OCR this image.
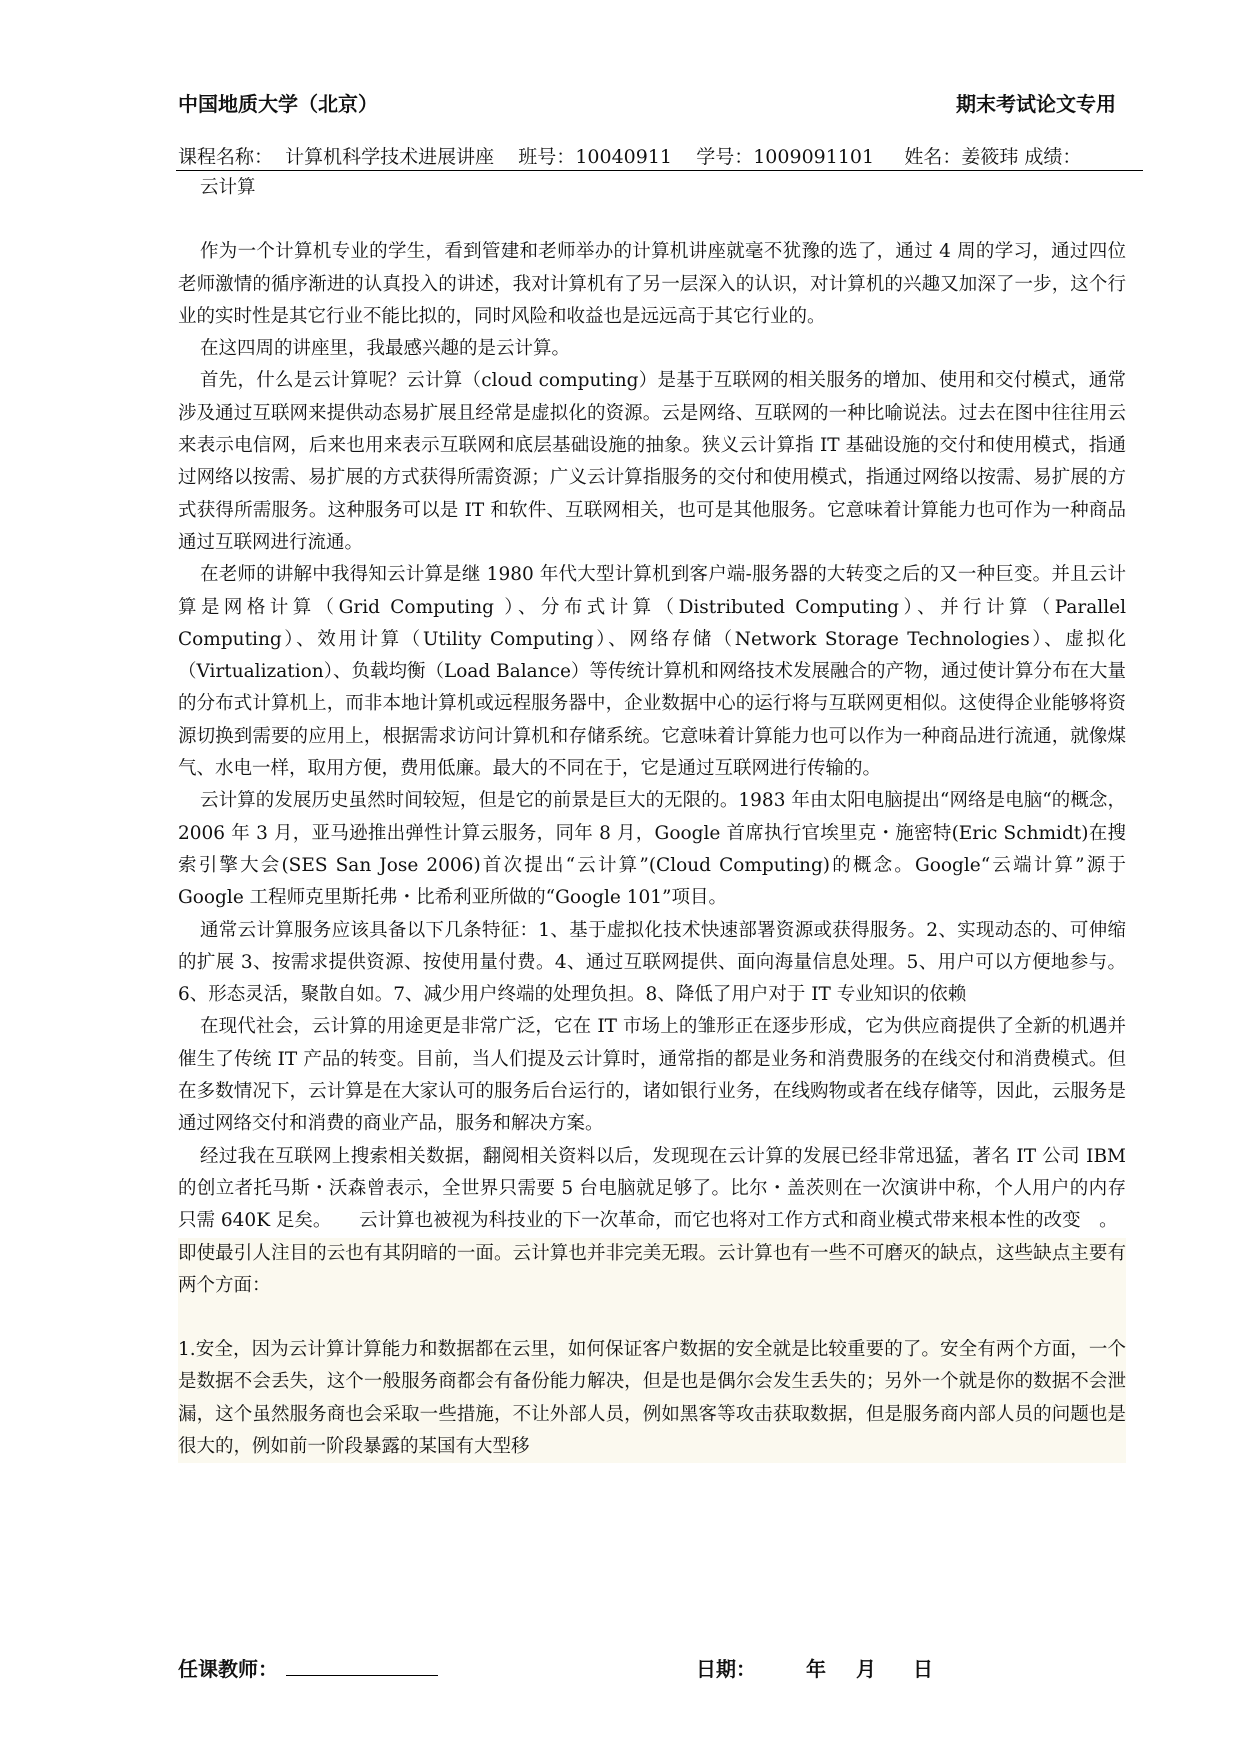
中国地质大学（北京）	期末考试论文专用
课程名称： 计算机科学技术进展讲座 班号：10040911 学号：1009091101 姓名：姜筱玮 成绩：

云计算

作为一个计算机专业的学生，看到管建和老师举办的计算机讲座就毫不犹豫的选了，通过 4 周的学习，通过四位老师激情的循序渐进的认真投入的讲述，我对计算机有了另一层深入的认识，对计算机的兴趣又加深了一步，这个行业的实时性是其它行业不能比拟的，同时风险和收益也是远远高于其它行业的。

在这四周的讲座里，我最感兴趣的是云计算。

首先，什么是云计算呢？云计算（cloud computing）是基于互联网的相关服务的增加、使用和交付模式，通常涉及通过互联网来提供动态易扩展且经常是虚拟化的资源。云是网络、互联网的一种比喻说法。过去在图中往往用云来表示电信网，后来也用来表示互联网和底层基础设施的抽象。狭义云计算指 IT 基础设施的交付和使用模式，指通过网络以按需、易扩展的方式获得所需资源；广义云计算指服务的交付和使用模式，指通过网络以按需、易扩展的方式获得所需服务。这种服务可以是 IT 和软件、互联网相关，也可是其他服务。它意味着计算能力也可作为一种商品通过互联网进行流通。

在老师的讲解中我得知云计算是继 1980 年代大型计算机到客户端-服务器的大转变之后的又一种巨变。并且云计算是网格计算（Grid Computing ）、分布式计算（Distributed Computing）、并行计算（Parallel Computing）、效用计算（Utility Computing）、网络存储（Network Storage Technologies）、虚拟化（Virtualization）、负载均衡（Load Balance）等传统计算机和网络技术发展融合的产物，通过使计算分布在大量的分布式计算机上，而非本地计算机或远程服务器中，企业数据中心的运行将与互联网更相似。这使得企业能够将资源切换到需要的应用上，根据需求访问计算机和存储系统。它意味着计算能力也可以作为一种商品进行流通，就像煤气、水电一样，取用方便，费用低廉。最大的不同在于，它是通过互联网进行传输的。

云计算的发展历史虽然时间较短，但是它的前景是巨大的无限的。1983 年由太阳电脑提出“网络是电脑“的概念，2006 年 3 月，亚马逊推出弹性计算云服务，同年 8 月，Google 首席执行官埃里克・施密特(Eric Schmidt)在搜索引擎大会(SES San Jose 2006)首次提出“云计算”(Cloud Computing)的概念。Google“云端计算”源于 Google 工程师克里斯托弗・比希利亚所做的“Google 101”项目。

通常云计算服务应该具备以下几条特征：1、基于虚拟化技术快速部署资源或获得服务。2、实现动态的、可伸缩的扩展 3、按需求提供资源、按使用量付费。4、通过互联网提供、面向海量信息处理。5、用户可以方便地参与。6、形态灵活，聚散自如。7、减少用户终端的处理负担。8、降低了用户对于 IT 专业知识的依赖

在现代社会，云计算的用途更是非常广泛，它在 IT 市场上的雏形正在逐步形成，它为供应商提供了全新的机遇并催生了传统 IT 产品的转变。目前，当人们提及云计算时，通常指的都是业务和消费服务的在线交付和消费模式。但在多数情况下，云计算是在大家认可的服务后台运行的，诸如银行业务，在线购物或者在线存储等，因此，云服务是通过网络交付和消费的商业产品，服务和解决方案。

经过我在互联网上搜索相关数据，翻阅相关资料以后，发现现在云计算的发展已经非常迅猛，著名 IT 公司 IBM 的创立者托马斯・沃森曾表示，全世界只需要 5 台电脑就足够了。比尔・盖茨则在一次演讲中称，个人用户的内存只需 640K 足矣。　　云计算也被视为科技业的下一次革命，而它也将对工作方式和商业模式带来根本性的改变　。

即使最引人注目的云也有其阴暗的一面。云计算也并非完美无瑕。云计算也有一些不可磨灭的缺点，这些缺点主要有两个方面：

1.安全，因为云计算计算能力和数据都在云里，如何保证客户数据的安全就是比较重要的了。安全有两个方面，一个是数据不会丢失，这个一般服务商都会有备份能力解决，但是也是偶尔会发生丢失的；另外一个就是你的数据不会泄漏，这个虽然服务商也会采取一些措施，不让外部人员，例如黑客等攻击获取数据，但是服务商内部人员的问题也是很大的，例如前一阶段暴露的某国有大型移

任课教师：	日期：	年 月 日
